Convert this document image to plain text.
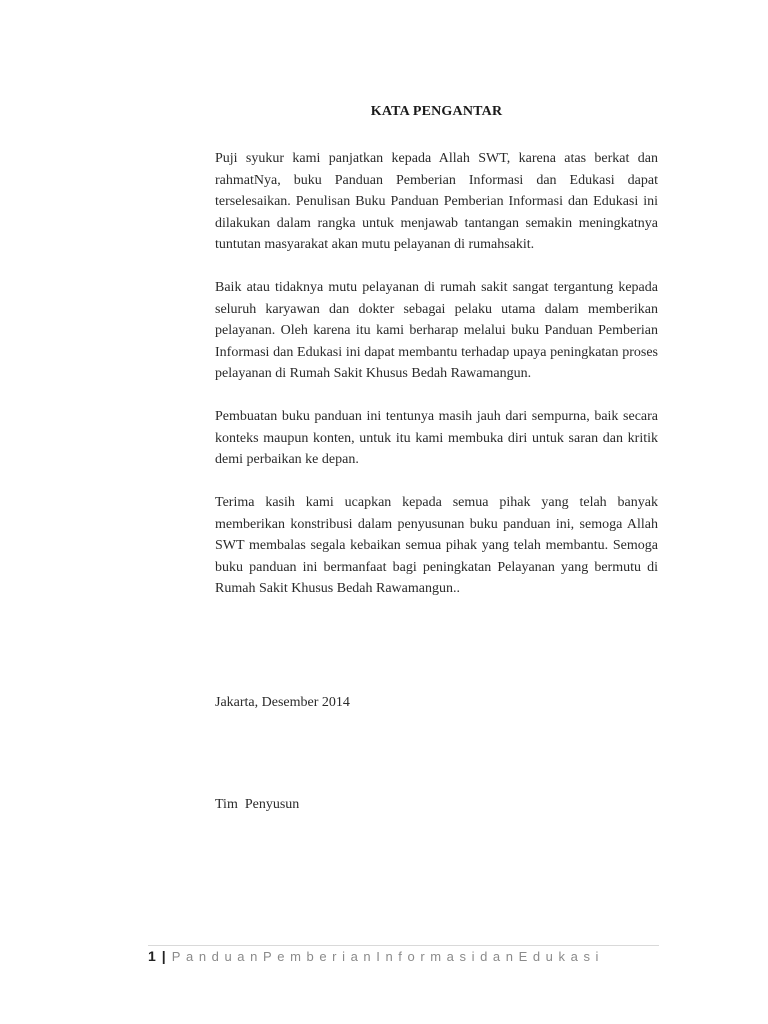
KATA PENGANTAR

Puji syukur kami panjatkan kepada Allah SWT, karena atas berkat dan rahmatNya, buku Panduan Pemberian Informasi dan Edukasi dapat terselesaikan. Penulisan Buku Panduan Pemberian Informasi dan Edukasi ini dilakukan dalam rangka untuk menjawab tantangan semakin meningkatnya tuntutan masyarakat akan mutu pelayanan di rumahsakit.

Baik atau tidaknya mutu pelayanan di rumah sakit sangat tergantung kepada seluruh karyawan dan dokter sebagai pelaku utama dalam memberikan pelayanan. Oleh karena itu kami berharap melalui buku Panduan Pemberian Informasi dan Edukasi ini dapat membantu terhadap upaya peningkatan proses pelayanan di Rumah Sakit Khusus Bedah Rawamangun.

Pembuatan buku panduan ini tentunya masih jauh dari sempurna, baik secara konteks maupun konten, untuk itu kami membuka diri untuk saran dan kritik demi perbaikan ke depan.

Terima kasih kami ucapkan kepada semua pihak yang telah banyak memberikan konstribusi dalam penyusunan buku panduan ini, semoga Allah SWT membalas segala kebaikan semua pihak yang telah membantu. Semoga buku panduan ini bermanfaat bagi peningkatan Pelayanan yang bermutu di Rumah Sakit Khusus Bedah Rawamangun..

Jakarta, Desember 2014
Tim  Penyusun
1 | PanduanPemberianInformasidanEdukasi
